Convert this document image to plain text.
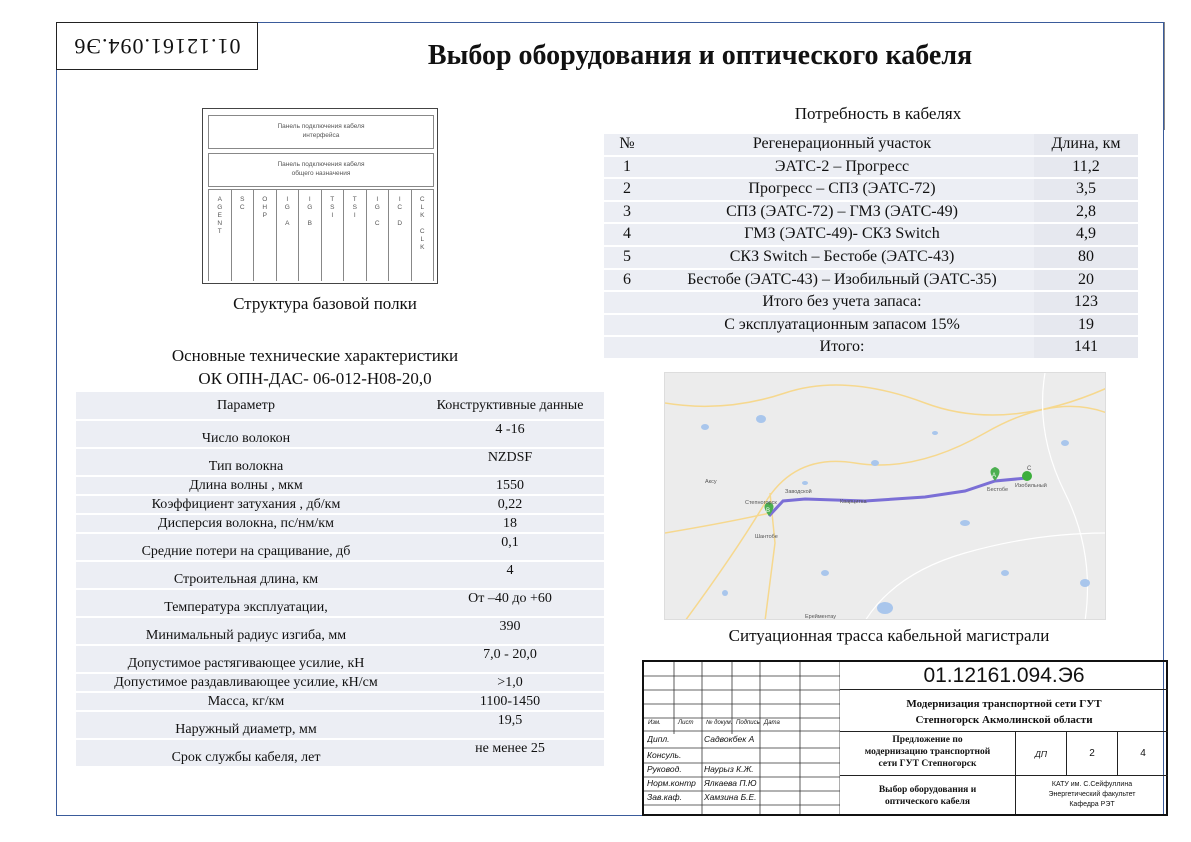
01.12161.094.Э6	Выбор оборудования и оптического кабеля
Панель подключения кабеля
интерфейса
Панель подключения кабеля
общего назначения
A
G
E
N
T
S
C
O
H
P
I
G

A
I
G

B
T
S
I
T
S
I
I
G

C
I
C

D
C
L
K

C
L
K
Структура базовой полки
Основные технические характеристики
ОК ОПН-ДАС- 06-012-Н08-20,0
Параметр	Конструктивные данные
Число волокон	4 -16
Тип волокна	NZDSF
Длина волны , мкм	1550
Коэффициент затухания , дб/км	0,22
Дисперсия волокна, пс/нм/км	18
Средние потери на сращивание, дб	0,1
Строительная длина, км	4
Температура эксплуатации,	От –40 до +60
Минимальный радиус изгиба, мм	390
Допустимое растягивающее усилие, кН	7,0 - 20,0
Допустимое раздавливающее усилие, кН/см	>1,0
Масса, кг/км	1100-1450
Наружный диаметр, мм	19,5
Срок службы кабеля, лет	не менее 25
Потребность в кабелях
№	Регенерационный участок	Длина, км
1	ЭАТС-2 – Прогресс	11,2
2	Прогресс – СПЗ (ЭАТС-72)	3,5
3	СПЗ (ЭАТС-72) – ГМЗ (ЭАТС-49)	2,8
4	ГМЗ (ЭАТС-49)- СКЗ Switch	4,9
5	СКЗ Switch – Бестобе (ЭАТС-43)	80
6	Бестобе (ЭАТС-43) – Изобильный (ЭАТС-35)	20
	Итого без учета запаса:	123
	С эксплуатационным запасом 15%	19
	Итого:	141
A
B
C
Бестобе
Изобильный
Степногорск
Заводской
Аксу
Кварцитка
Шантобе
Ерейментау
Ситуационная трасса кабельной магистрали
Изм.	Лист № докум. Подпись Дата
Дипл.	Садвокбек А
Консуль.
Руковод.	Наурыз К.Ж.
Норм.контр Ялкаева П.Ю
Зав.каф.	Хамзина Б.Е.
01.12161.094.Э6
Модернизация транспортной сети ГУТ
Степногорск Акмолинской области
Предложение по
модернизацию транспортной
сети ГУТ Степногорск
ДП	2	4
Выбор оборудования и
оптического кабеля
КАТУ им. С.Сейфуллина
Энергетический факультет
Кафедра РЭТ
